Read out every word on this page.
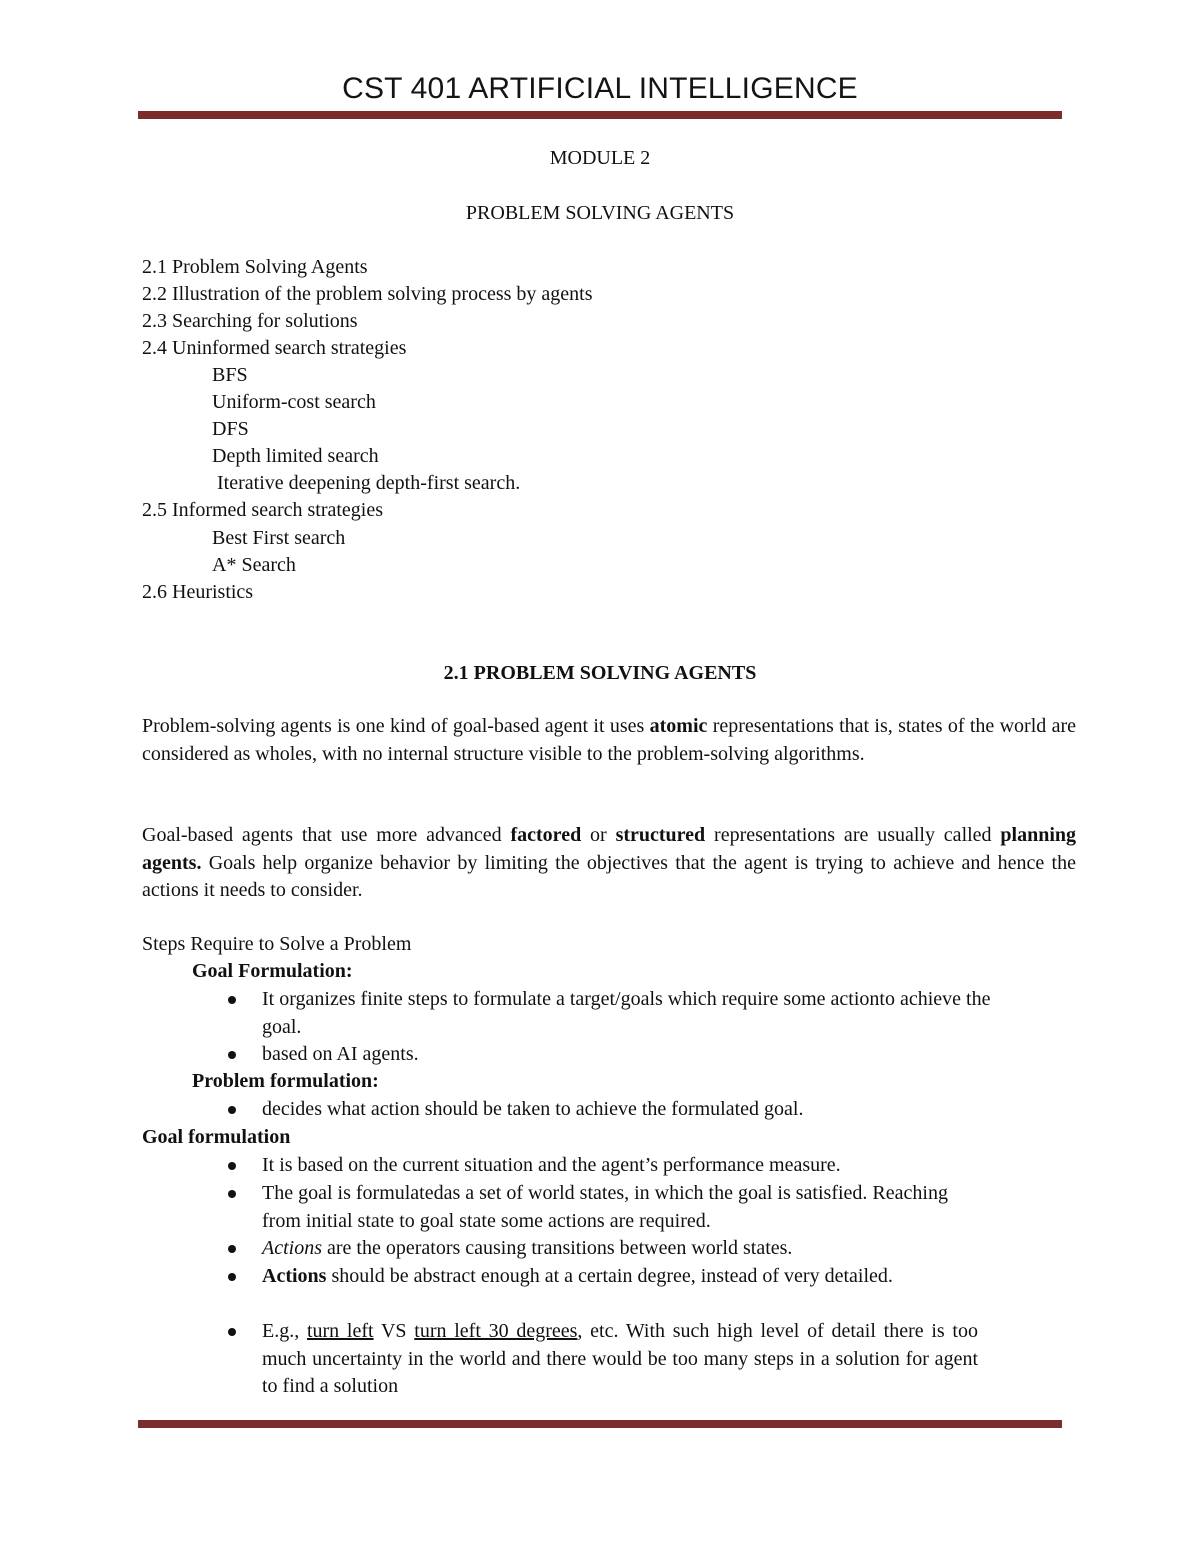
CST 401 ARTIFICIAL INTELLIGENCE
MODULE 2
PROBLEM SOLVING AGENTS
2.1 Problem Solving Agents
2.2 Illustration of the problem solving process by agents
2.3 Searching for solutions
2.4 Uninformed search strategies
BFS
Uniform-cost search
DFS
Depth limited search
Iterative deepening depth-first search.
2.5 Informed search strategies
Best First search
A* Search
2.6 Heuristics
2.1 PROBLEM SOLVING AGENTS
Problem-solving agents is one kind of goal-based agent it uses atomic representations that is, states of the world are considered as wholes, with no internal structure visible to the problem-solving algorithms.
Goal-based agents that use more advanced factored or structured representations are usually called planning agents. Goals help organize behavior by limiting the objectives that the agent is trying to achieve and hence the actions it needs to consider.
Steps Require to Solve a Problem
Goal Formulation:
It organizes finite steps to formulate a target/goals which require some actionto achieve the goal.
based on AI agents.
Problem formulation:
decides what action should be taken to achieve the formulated goal.
Goal formulation
It is based on the current situation and the agent’s performance measure.
The goal is formulatedas a set of world states, in which the goal is satisfied. Reaching from initial state to goal state some actions are required.
Actions are the operators causing transitions between world states.
Actions should be abstract enough at a certain degree, instead of very detailed.
E.g., turn left VS turn left 30 degrees, etc. With such high level of detail there is too much uncertainty in the world and there would be too many steps in a solution for agent to find a solution
